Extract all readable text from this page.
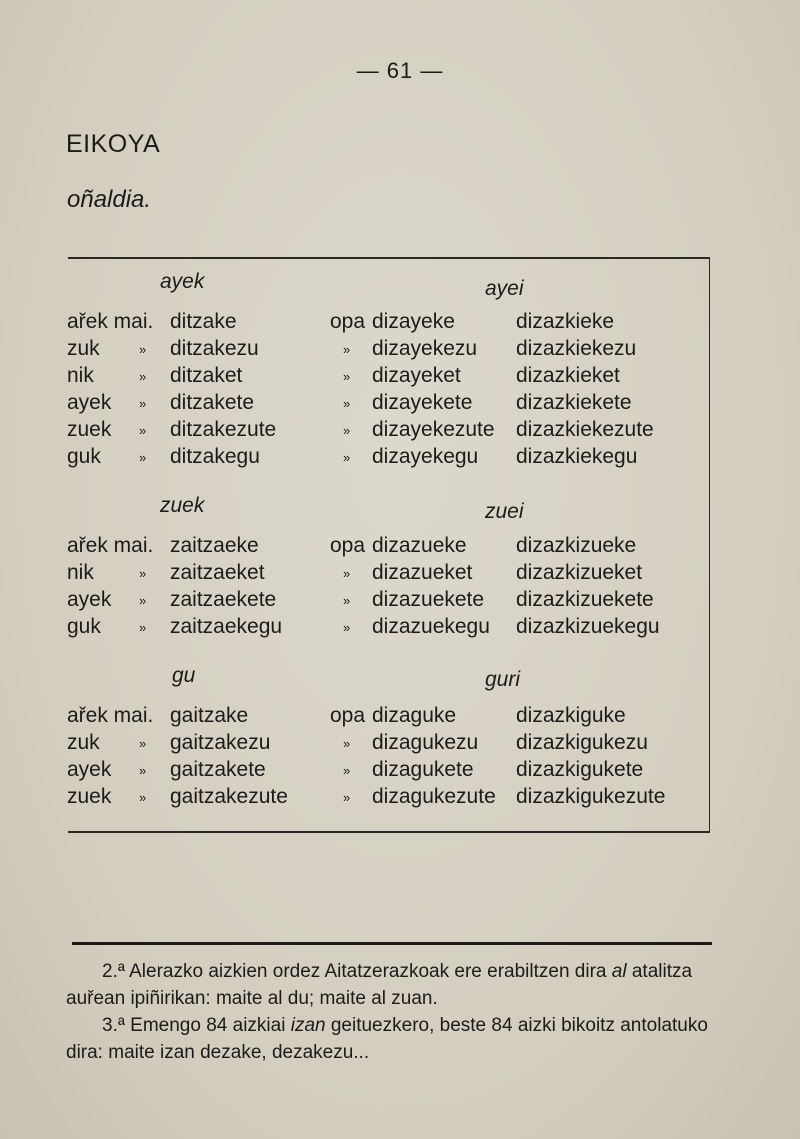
— 61 —
EIKOYA
oñaldia.
ayek	ayei
ařek mai. ditzake	opa dizayeke	dizazkieke
zuk	» ditzakezu	» dizayekezu dizazkiekezu
nik	» ditzaket	» dizayeket	dizazkieket
ayek » ditzakete	» dizayekete dizazkiekete
zuek » ditzakezute	» dizayekezute dizazkiekezute
guk	» ditzakegu	» dizayekegu dizazkiekegu
zuek	zuei
ařek mai. zaitzaeke	opa dizazueke dizazkizueke
nik	» zaitzaeket	» dizazueket dizazkizueket
ayek » zaitzaekete	» dizazuekete dizazkizuekete
guk	» zaitzaekegu	» dizazuekegu dizazkizuekegu
gu	guri
ařek mai. gaitzake	opa dizaguke	dizazkiguke
zuk	» gaitzakezu	» dizagukezu dizazkigukezu
ayek » gaitzakete	» dizagukete dizazkigukete
zuek » gaitzakezute	» dizagukezute dizazkigukezute

2.ª Alerazko aizkien ordez Aitatzerazkoak ere erabiltzen dira al atalitza auřean ipiñirikan: maite al du; maite al zuan.

3.ª Emengo 84 aizkiai izan geituezkero, beste 84 aizki bikoitz antolatuko dira: maite izan dezake, dezakezu...
